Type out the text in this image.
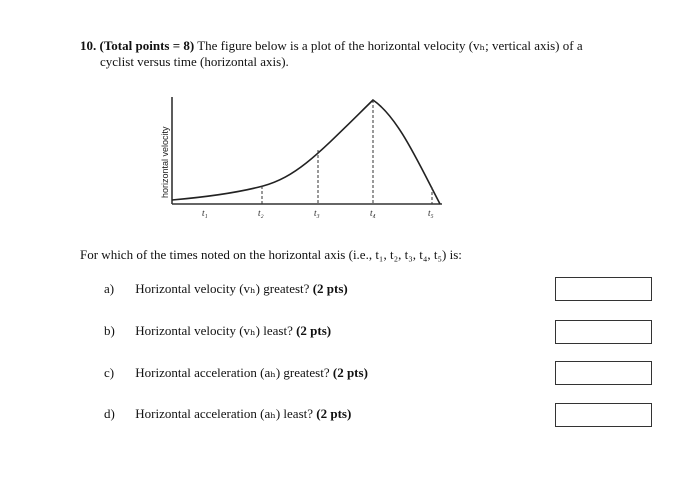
10. (Total points = 8) The figure below is a plot of the horizontal velocity (vₕ; vertical axis) of a
cyclist versus time (horizontal axis).
horizontal velocity
t₁	t₂	t₃	t₄	t₅
For which of the times noted on the horizontal axis (i.e., t₁, t₂, t₃, t₄, t₅) is:
a) Horizontal velocity (vₕ) greatest? (2 pts)
b) Horizontal velocity (vₕ) least? (2 pts)
c) Horizontal acceleration (aₕ) greatest? (2 pts)
d) Horizontal acceleration (aₕ) least? (2 pts)
